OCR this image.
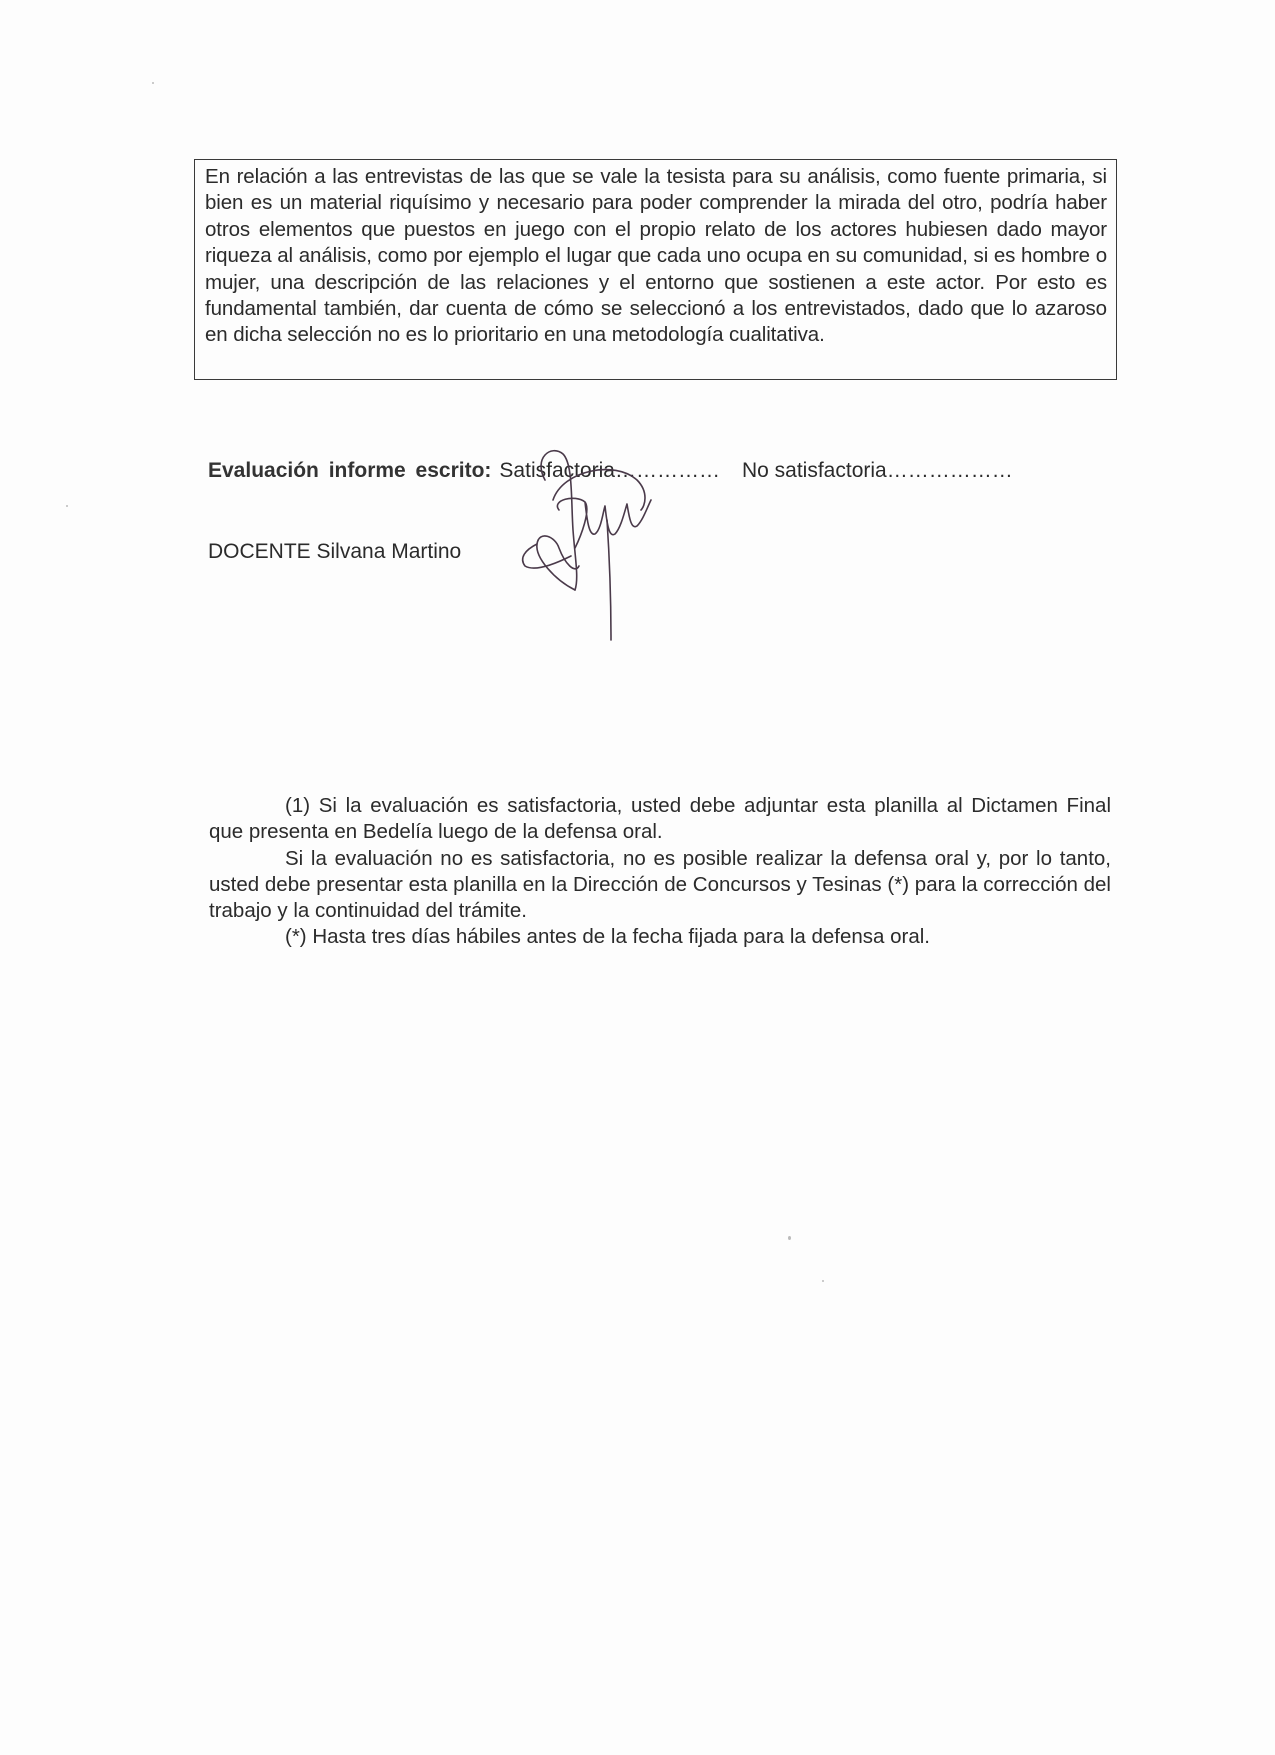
En relación a las entrevistas de las que se vale la tesista para su análisis, como fuente primaria, si bien es un material riquísimo y necesario para poder comprender la mirada del otro, podría haber otros elementos que puestos en juego con el propio relato de los actores hubiesen dado mayor riqueza al análisis, como por ejemplo el lugar que cada uno ocupa en su comunidad, si es hombre o mujer, una descripción de las relaciones y el entorno que sostienen a este actor. Por esto es fundamental también, dar cuenta de cómo se seleccionó a los entrevistados, dado que lo azaroso en dicha selección no es lo prioritario en una metodología cualitativa.

Evaluación informe escrito: Satisfactoria…………… No satisfactoria………………
DOCENTE Silvana Martino

(1) Si la evaluación es satisfactoria, usted debe adjuntar esta planilla al Dictamen Final que presenta en Bedelía luego de la defensa oral.

Si la evaluación no es satisfactoria, no es posible realizar la defensa oral y, por lo tanto, usted debe presentar esta planilla en la Dirección de Concursos y Tesinas (*) para la corrección del trabajo y la continuidad del trámite.

(*) Hasta tres días hábiles antes de la fecha fijada para la defensa oral.
